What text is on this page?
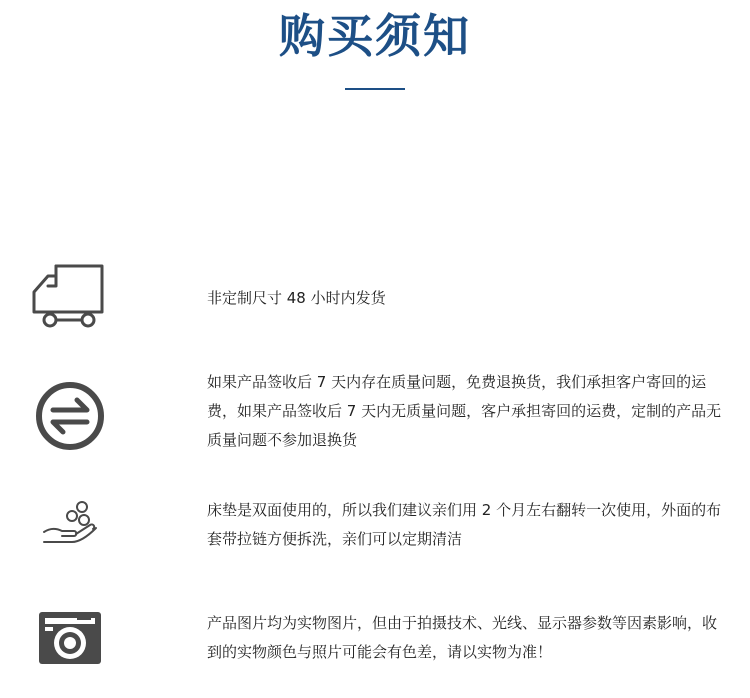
购买须知
非定制尺寸 48 小时内发货
如果产品签收后 7 天内存在质量问题，免费退换货，我们承担客户寄回的运费，如果产品签收后 7 天内无质量问题，客户承担寄回的运费，定制的产品无质量问题不参加退换货
床垫是双面使用的，所以我们建议亲们用 2 个月左右翻转一次使用，外面的布套带拉链方便拆洗，亲们可以定期清洁
产品图片均为实物图片，但由于拍摄技术、光线、显示器参数等因素影响，收到的实物颜色与照片可能会有色差，请以实物为准！
